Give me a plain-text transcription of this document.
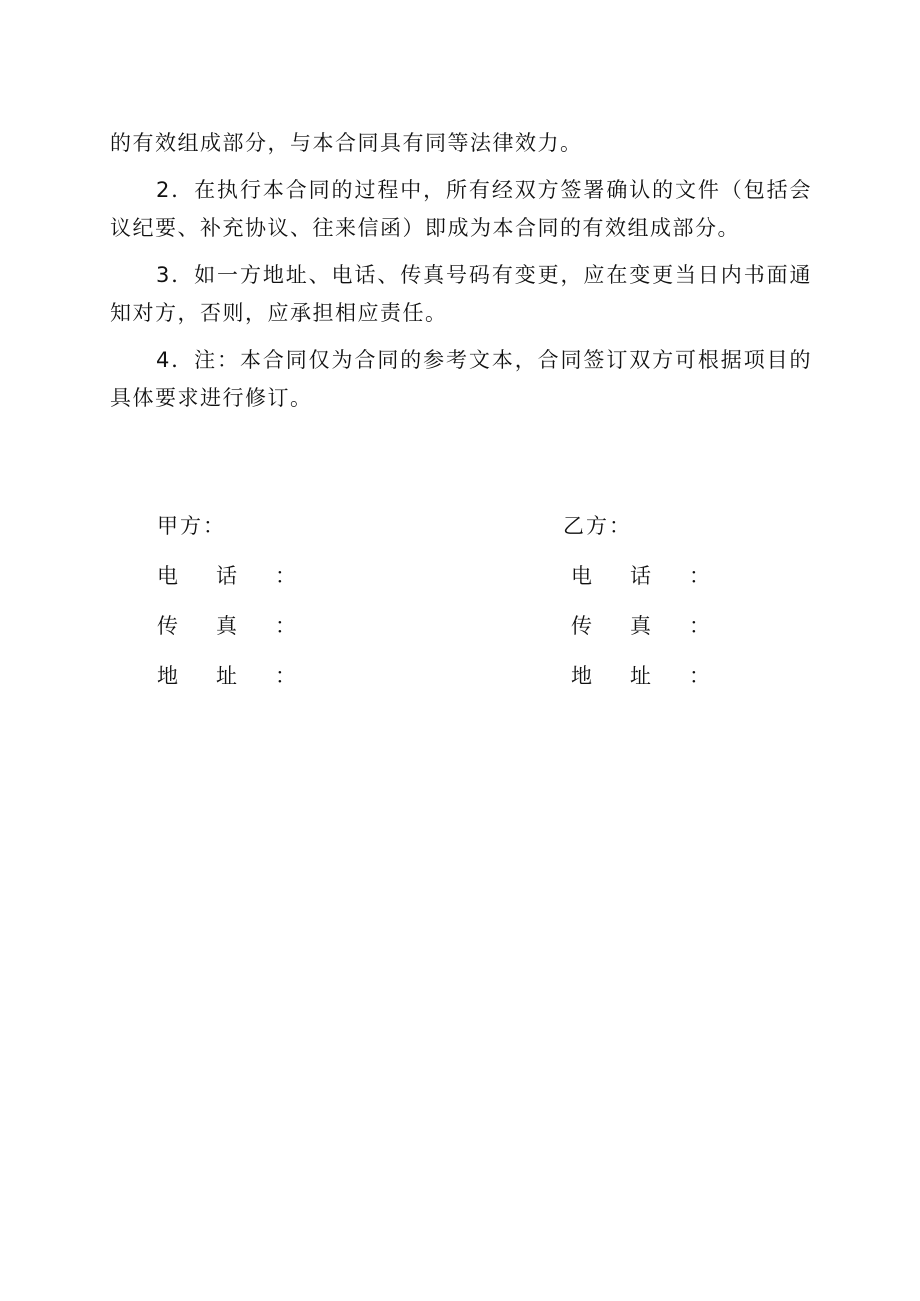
的有效组成部分，与本合同具有同等法律效力。

2．在执行本合同的过程中，所有经双方签署确认的文件（包括会议纪要、补充协议、往来信函）即成为本合同的有效组成部分。

3．如一方地址、电话、传真号码有变更，应在变更当日内书面通知对方，否则，应承担相应责任。

4．注：本合同仅为合同的参考文本，合同签订双方可根据项目的具体要求进行修订。

甲方：
电话：
传真：
地址：
乙方：
电话：
传真：
地址：
